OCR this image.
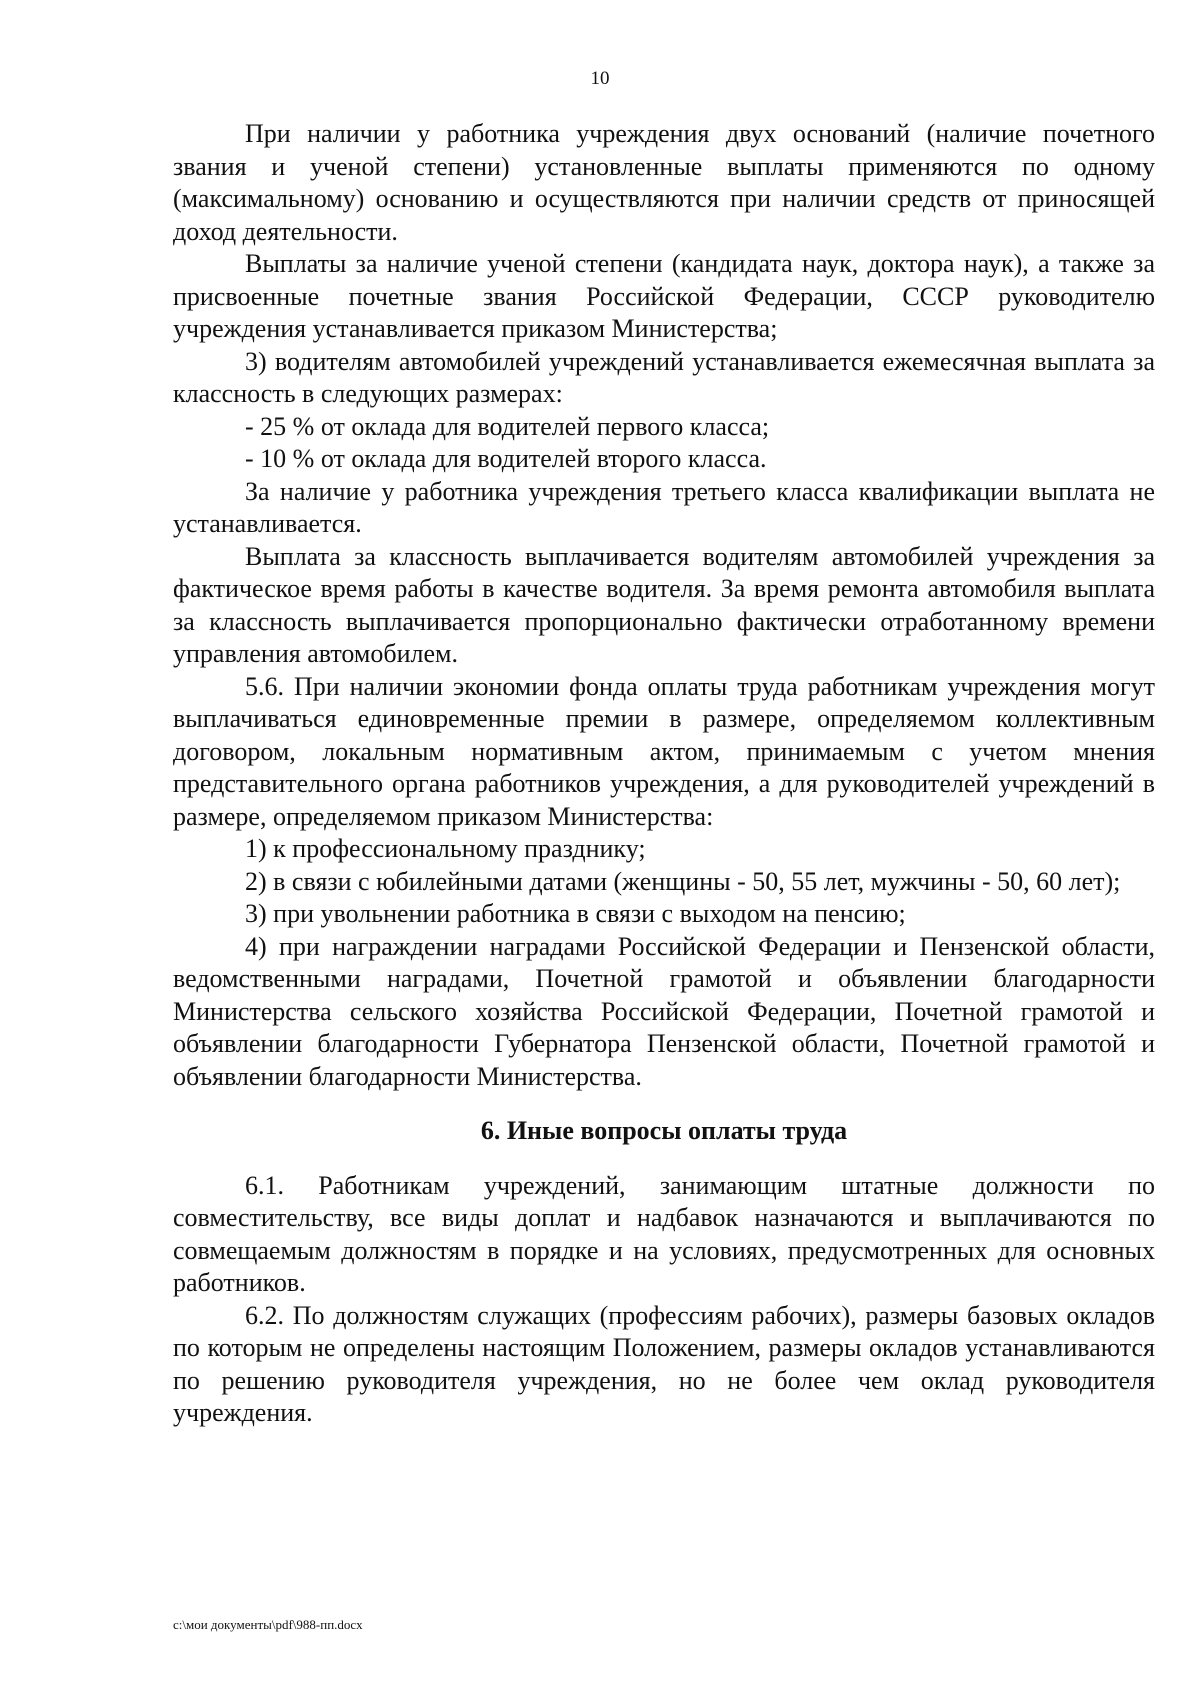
10

При наличии у работника учреждения двух оснований (наличие почетного звания и ученой степени) установленные выплаты применяются по одному (максимальному) основанию и осуществляются при наличии средств от приносящей доход деятельности.

Выплаты за наличие ученой степени (кандидата наук, доктора наук), а также за присвоенные почетные звания Российской Федерации, СССР руководителю учреждения устанавливается приказом Министерства;

3) водителям автомобилей учреждений устанавливается ежемесячная выплата за классность в следующих размерах:

- 25 % от оклада для водителей первого класса;

- 10 % от оклада для водителей второго класса.

За наличие у работника учреждения третьего класса квалификации выплата не устанавливается.

Выплата за классность выплачивается водителям автомобилей учреждения за фактическое время работы в качестве водителя. За время ремонта автомобиля выплата за классность выплачивается пропорционально фактически отработанному времени управления автомобилем.

5.6. При наличии экономии фонда оплаты труда работникам учреждения могут выплачиваться единовременные премии в размере, определяемом коллективным договором, локальным нормативным актом, принимаемым с учетом мнения представительного органа работников учреждения, а для руководителей учреждений в размере, определяемом приказом Министерства:

1) к профессиональному празднику;

2) в связи с юбилейными датами (женщины - 50, 55 лет, мужчины - 50, 60 лет);

3) при увольнении работника в связи с выходом на пенсию;

4) при награждении наградами Российской Федерации и Пензенской области, ведомственными наградами, Почетной грамотой и объявлении благодарности Министерства сельского хозяйства Российской Федерации, Почетной грамотой и объявлении благодарности Губернатора Пензенской области, Почетной грамотой и объявлении благодарности Министерства.

6. Иные вопросы оплаты труда

6.1. Работникам учреждений, занимающим штатные должности по совместительству, все виды доплат и надбавок назначаются и выплачиваются по совмещаемым должностям в порядке и на условиях, предусмотренных для основных работников.

6.2. По должностям служащих (профессиям рабочих), размеры базовых окладов по которым не определены настоящим Положением, размеры окладов устанавливаются по решению руководителя учреждения, но не более чем оклад руководителя учреждения.

c:\мои документы\pdf\988-пп.docx
